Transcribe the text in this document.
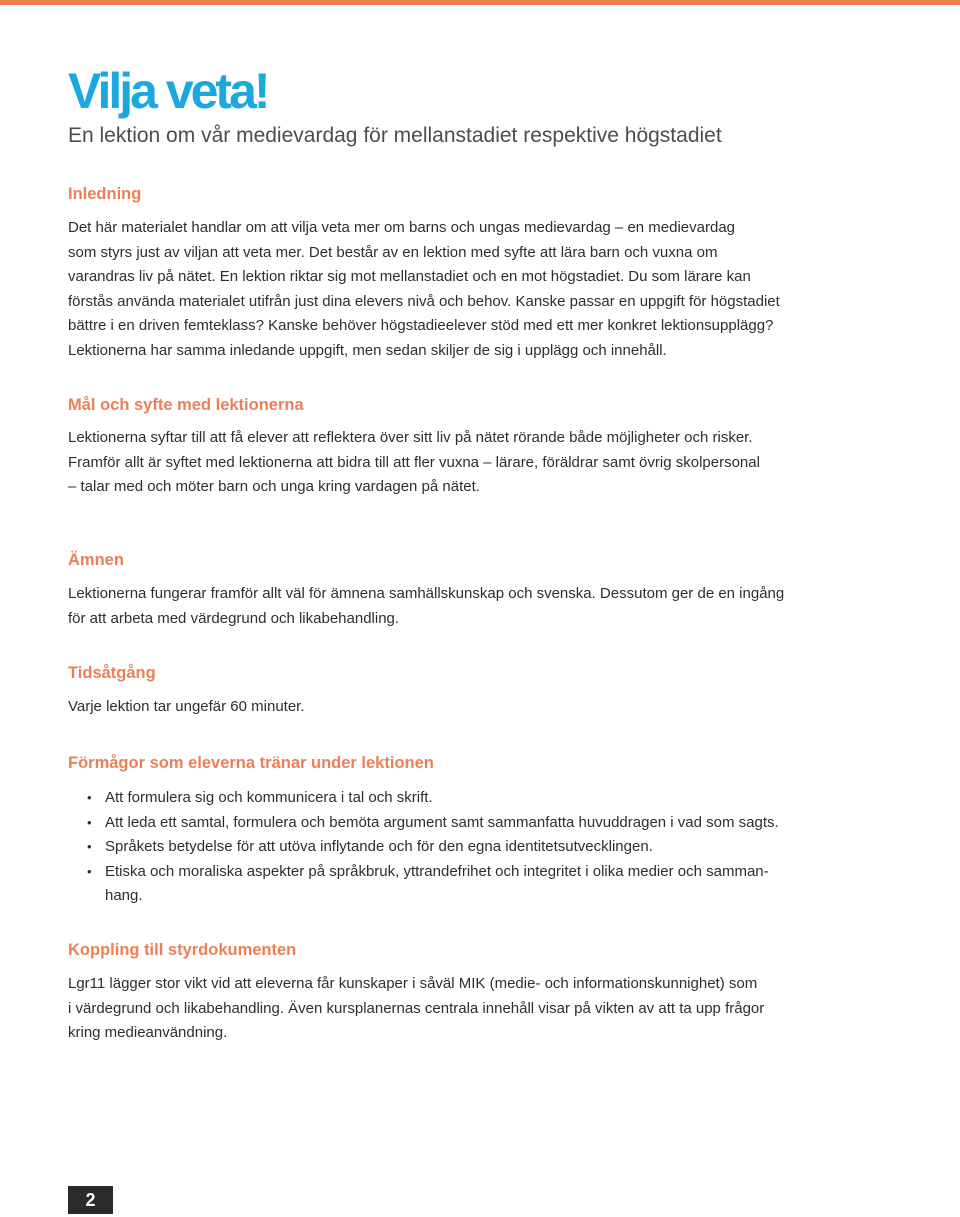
Vilja veta!

En lektion om vår medievardag för mellanstadiet respektive högstadiet

Inledning
Det här materialet handlar om att vilja veta mer om barns och ungas medievardag – en medievardag
som styrs just av viljan att veta mer. Det består av en lektion med syfte att lära barn och vuxna om
varandras liv på nätet. En lektion riktar sig mot mellanstadiet och en mot högstadiet. Du som lärare kan
förstås använda materialet utifrån just dina elevers nivå och behov. Kanske passar en uppgift för högstadiet
bättre i en driven femteklass? Kanske behöver högstadieelever stöd med ett mer konkret lektionsupplägg?
Lektionerna har samma inledande uppgift, men sedan skiljer de sig i upplägg och innehåll.
Mål och syfte med lektionerna
Lektionerna syftar till att få elever att reflektera över sitt liv på nätet rörande både möjligheter och risker.
Framför allt är syftet med lektionerna att bidra till att fler vuxna – lärare, föräldrar samt övrig skolpersonal
– talar med och möter barn och unga kring vardagen på nätet.
Ämnen
Lektionerna fungerar framför allt väl för ämnena samhällskunskap och svenska. Dessutom ger de en ingång
för att arbeta med värdegrund och likabehandling.
Tidsåtgång
Varje lektion tar ungefär 60 minuter.
Förmågor som eleverna tränar under lektionen
• Att formulera sig och kommunicera i tal och skrift.
• Att leda ett samtal, formulera och bemöta argument samt sammanfatta huvuddragen i vad som sagts.
• Språkets betydelse för att utöva inflytande och för den egna identitetsutvecklingen.
• Etiska och moraliska aspekter på språkbruk, yttrandefrihet och integritet i olika medier och samman-
hang.
Koppling till styrdokumenten
Lgr11 lägger stor vikt vid att eleverna får kunskaper i såväl MIK (medie- och informationskunnighet) som
i värdegrund och likabehandling. Även kursplanernas centrala innehåll visar på vikten av att ta upp frågor
kring medieanvändning.
2
